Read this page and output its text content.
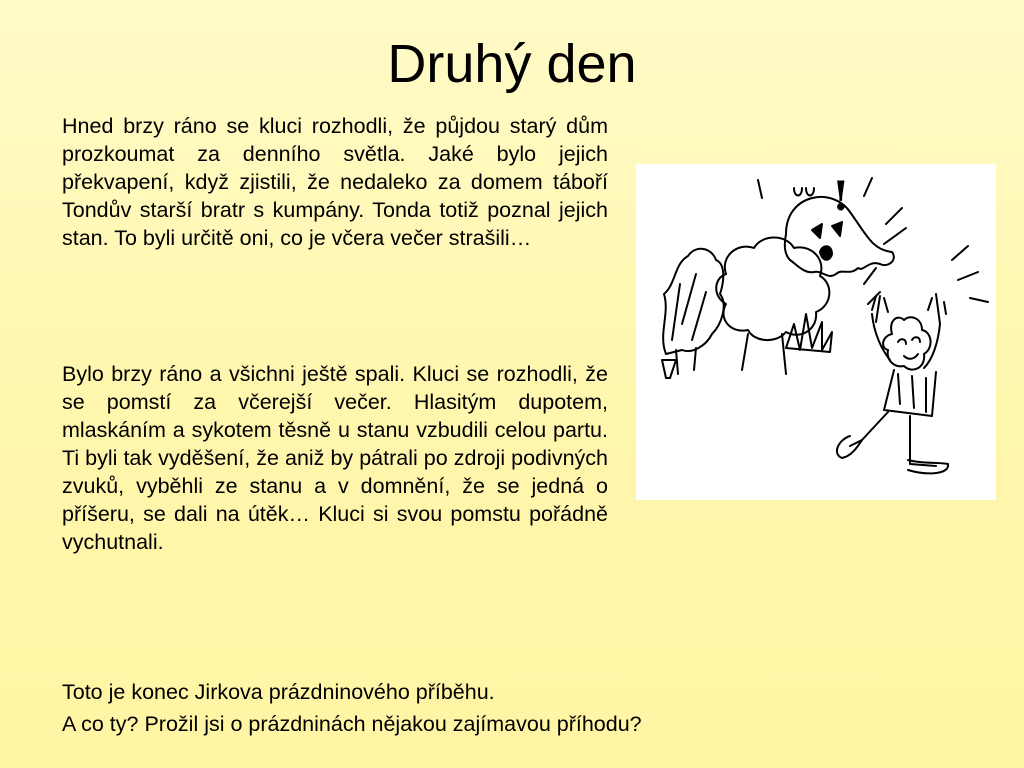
Druhý den

Hned brzy ráno se kluci rozhodli, že půjdou starý dům prozkoumat za denního světla. Jaké bylo jejich překvapení, když zjistili, že nedaleko za domem táboří Tondův starší bratr s kumpány. Tonda totiž poznal jejich stan. To byli určitě oni, co je včera večer strašili…

Bylo brzy ráno a všichni ještě spali. Kluci se rozhodli, že se pomstí za včerejší večer. Hlasitým dupotem, mlaskáním a sykotem těsně u stanu vzbudili celou partu. Ti byli tak vyděšení, že aniž by pátrali po zdroji podivných zvuků, vyběhli ze stanu a v domnění, že se jedná o příšeru, se dali na útěk… Kluci si svou pomstu pořádně vychutnali.

!

Toto je konec Jirkova prázdninového příběhu.

A co ty? Prožil jsi o prázdninách nějakou zajímavou příhodu?
